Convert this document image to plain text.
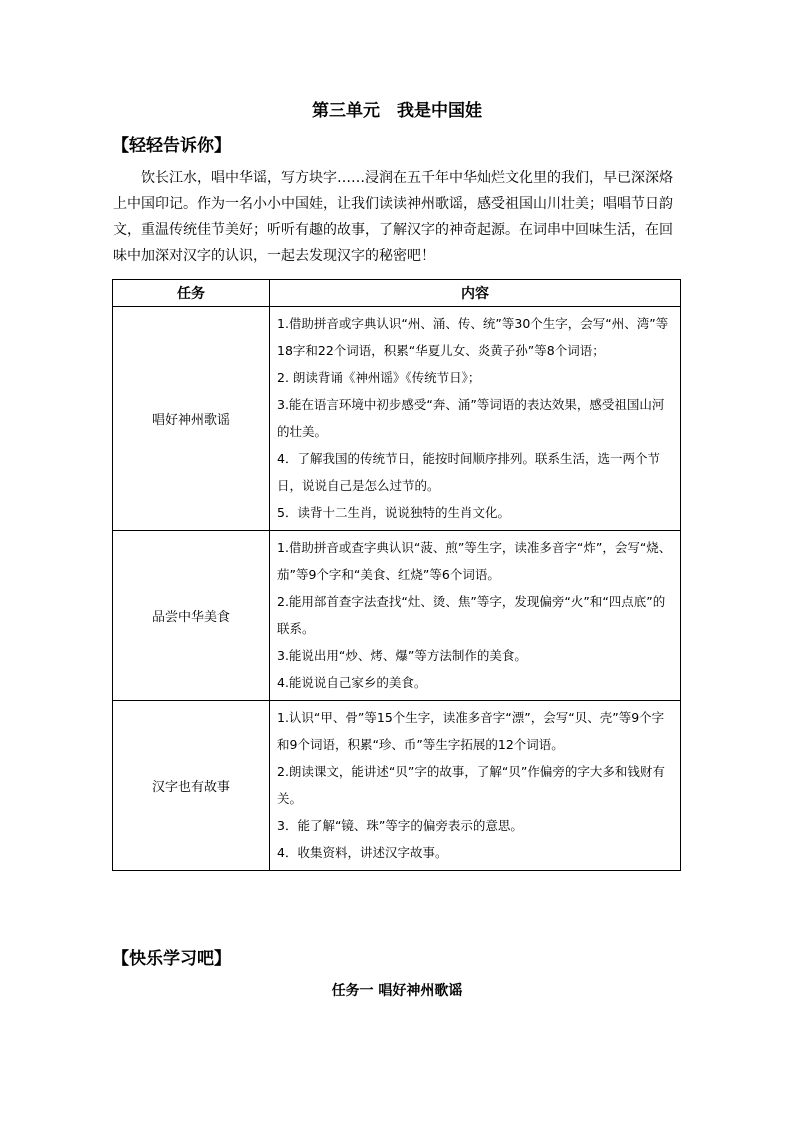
第三单元　我是中国娃
【轻轻告诉你】
饮长江水，唱中华谣，写方块字……浸润在五千年中华灿烂文化里的我们，早已深深烙上中国印记。作为一名小小中国娃，让我们读读神州歌谣，感受祖国山川壮美；唱唱节日韵文，重温传统佳节美好；听听有趣的故事，了解汉字的神奇起源。在词串中回味生活，在回味中加深对汉字的认识，一起去发现汉字的秘密吧！
任务	内容
唱好神州歌谣	1.借助拼音或字典认识“州、涌、传、统”等30个生字，会写“州、湾”等18字和22个词语，积累“华夏儿女、炎黄子孙”等8个词语；

2. 朗读背诵《神州谣》《传统节日》；

3.能在语言环境中初步感受“奔、涌”等词语的表达效果，感受祖国山河的壮美。

4．了解我国的传统节日，能按时间顺序排列。联系生活，选一两个节日，说说自己是怎么过节的。

5．读背十二生肖，说说独特的生肖文化。

品尝中华美食	1.借助拼音或查字典认识“菠、煎”等生字，读准多音字“炸”，会写“烧、茄”等9个字和“美食、红烧”等6个词语。

2.能用部首查字法查找“灶、烫、焦”等字，发现偏旁“火”和“四点底”的联系。

3.能说出用“炒、烤、爆”等方法制作的美食。

4.能说说自己家乡的美食。

汉字也有故事	1.认识“甲、骨”等15个生字，读准多音字“漂”，会写“贝、壳”等9个字和9个词语，积累“珍、币”等生字拓展的12个词语。

2.朗读课文，能讲述“贝”字的故事，了解“贝”作偏旁的字大多和钱财有关。

3．能了解“镜、珠”等字的偏旁表示的意思。

4．收集资料，讲述汉字故事。

【快乐学习吧】
任务一 唱好神州歌谣
